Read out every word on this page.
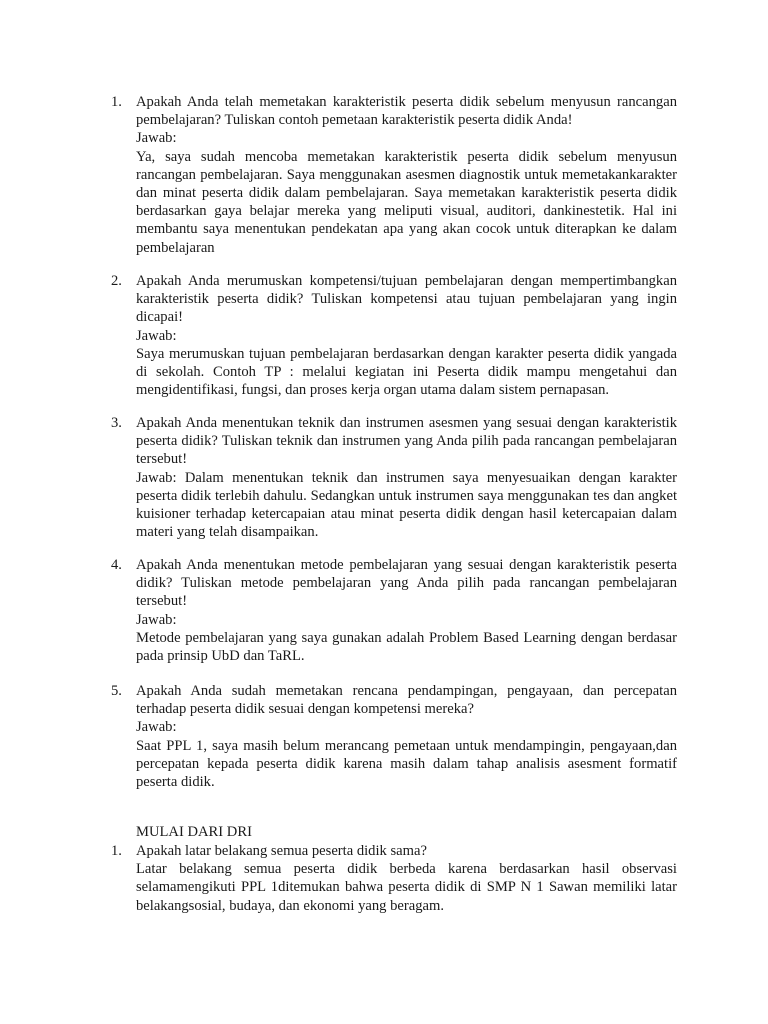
1. Apakah Anda telah memetakan karakteristik peserta didik sebelum menyusun rancangan pembelajaran? Tuliskan contoh pemetaan karakteristik peserta didik Anda!
Jawab:
Ya, saya sudah mencoba memetakan karakteristik peserta didik sebelum menyusun rancangan pembelajaran. Saya menggunakan asesmen diagnostik untuk memetakankarakter dan minat peserta didik dalam pembelajaran. Saya memetakan karakteristik peserta didik berdasarkan gaya belajar mereka yang meliputi visual, auditori, dankinestetik. Hal ini membantu saya menentukan pendekatan apa yang akan cocok untuk diterapkan ke dalam pembelajaran
2. Apakah Anda merumuskan kompetensi/tujuan pembelajaran dengan mempertimbangkan karakteristik peserta didik? Tuliskan kompetensi atau tujuan pembelajaran yang ingin dicapai!
Jawab:
Saya merumuskan tujuan pembelajaran berdasarkan dengan karakter peserta didik yangada di sekolah. Contoh TP : melalui kegiatan ini Peserta didik mampu mengetahui dan mengidentifikasi, fungsi, dan proses kerja organ utama dalam sistem pernapasan.
3. Apakah Anda menentukan teknik dan instrumen asesmen yang sesuai dengan karakteristik peserta didik? Tuliskan teknik dan instrumen yang Anda pilih pada rancangan pembelajaran tersebut!
Jawab: Dalam menentukan teknik dan instrumen saya menyesuaikan dengan karakter peserta didik terlebih dahulu. Sedangkan untuk instrumen saya menggunakan tes dan angket kuisioner terhadap ketercapaian atau minat peserta didik dengan hasil ketercapaian dalam materi yang telah disampaikan.
4. Apakah Anda menentukan metode pembelajaran yang sesuai dengan karakteristik peserta didik? Tuliskan metode pembelajaran yang Anda pilih pada rancangan pembelajaran tersebut!
Jawab:
Metode pembelajaran yang saya gunakan adalah Problem Based Learning dengan berdasar pada prinsip UbD dan TaRL.
5. Apakah Anda sudah memetakan rencana pendampingan, pengayaan, dan percepatan terhadap peserta didik sesuai dengan kompetensi mereka?
Jawab:
Saat PPL 1, saya masih belum merancang pemetaan untuk mendampingin, pengayaan,dan percepatan kepada peserta didik karena masih dalam tahap analisis asesment formatif peserta didik.
MULAI DARI DRI
1. Apakah latar belakang semua peserta didik sama?
Latar belakang semua peserta didik berbeda karena berdasarkan hasil observasi selamamengikuti PPL 1ditemukan bahwa peserta didik di SMP N 1 Sawan memiliki latar belakangsosial, budaya, dan ekonomi yang beragam.
